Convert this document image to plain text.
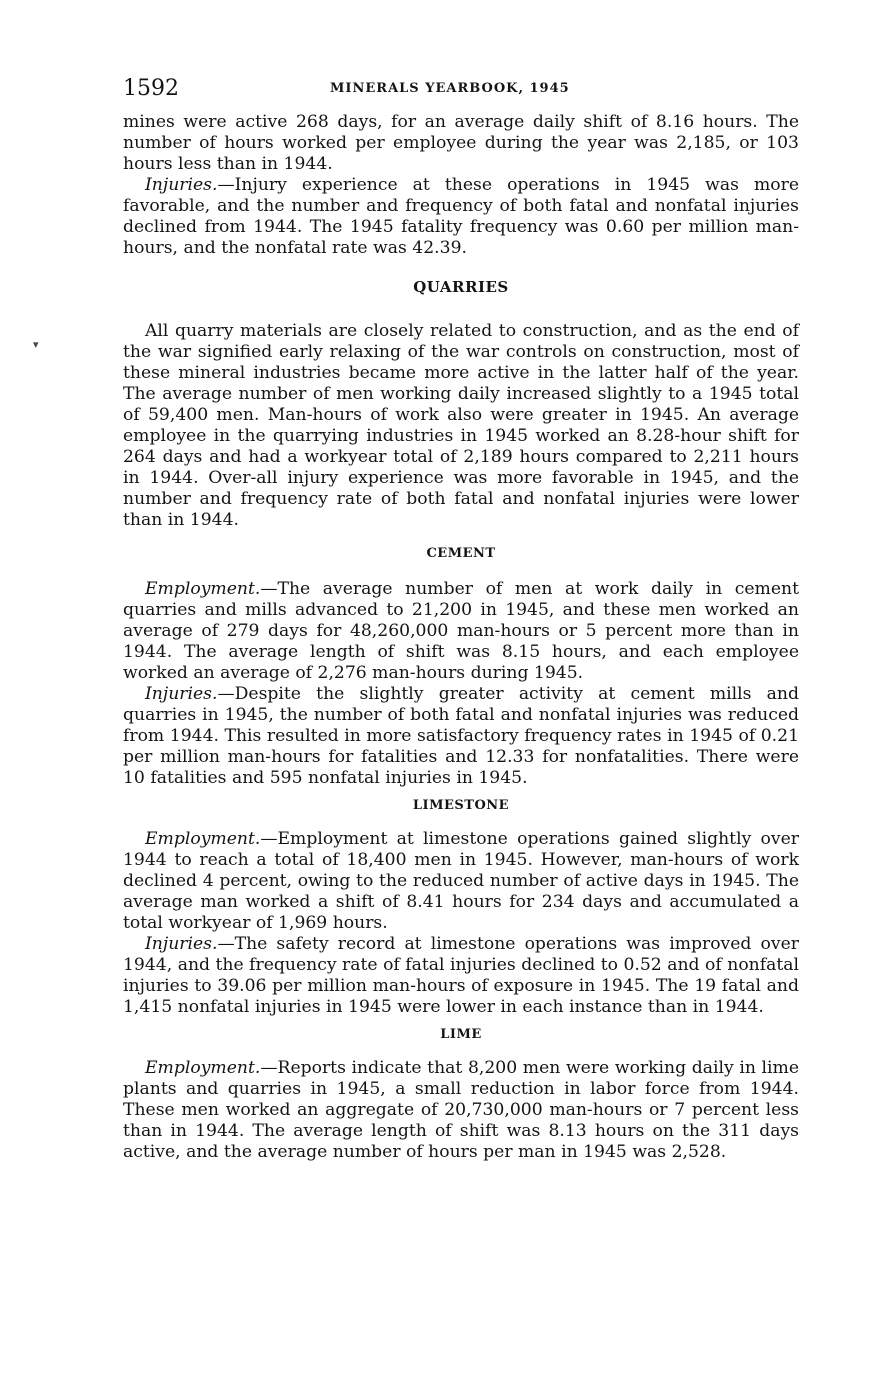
▾
1592	MINERALS YEARBOOK, 1945

mines were active 268 days, for an average daily shift of 8.16 hours. The number of hours worked per employee during the year was 2,185, or 103 hours less than in 1944.

Injuries.—Injury experience at these operations in 1945 was more favorable, and the number and frequency of both fatal and nonfatal injuries declined from 1944. The 1945 fatality frequency was 0.60 per million man-hours, and the nonfatal rate was 42.39.

QUARRIES

All quarry materials are closely related to construction, and as the end of the war signified early relaxing of the war controls on construction, most of these mineral industries became more active in the latter half of the year. The average number of men working daily increased slightly to a 1945 total of 59,400 men. Man-hours of work also were greater in 1945. An average employee in the quarrying industries in 1945 worked an 8.28-hour shift for 264 days and had a workyear total of 2,189 hours compared to 2,211 hours in 1944. Over-all injury experience was more favorable in 1945, and the number and frequency rate of both fatal and nonfatal injuries were lower than in 1944.

CEMENT

Employment.—The average number of men at work daily in cement quarries and mills advanced to 21,200 in 1945, and these men worked an average of 279 days for 48,260,000 man-hours or 5 percent more than in 1944. The average length of shift was 8.15 hours, and each employee worked an average of 2,276 man-hours during 1945.

Injuries.—Despite the slightly greater activity at cement mills and quarries in 1945, the number of both fatal and nonfatal injuries was reduced from 1944. This resulted in more satisfactory frequency rates in 1945 of 0.21 per million man-hours for fatalities and 12.33 for nonfatalities. There were 10 fatalities and 595 nonfatal injuries in 1945.

LIMESTONE

Employment.—Employment at limestone operations gained slightly over 1944 to reach a total of 18,400 men in 1945. However, man-hours of work declined 4 percent, owing to the reduced number of active days in 1945. The average man worked a shift of 8.41 hours for 234 days and accumulated a total workyear of 1,969 hours.

Injuries.—The safety record at limestone operations was improved over 1944, and the frequency rate of fatal injuries declined to 0.52 and of nonfatal injuries to 39.06 per million man-hours of exposure in 1945. The 19 fatal and 1,415 nonfatal injuries in 1945 were lower in each instance than in 1944.

LIME

Employment.—Reports indicate that 8,200 men were working daily in lime plants and quarries in 1945, a small reduction in labor force from 1944. These men worked an aggregate of 20,730,000 man-hours or 7 percent less than in 1944. The average length of shift was 8.13 hours on the 311 days active, and the average number of hours per man in 1945 was 2,528.
